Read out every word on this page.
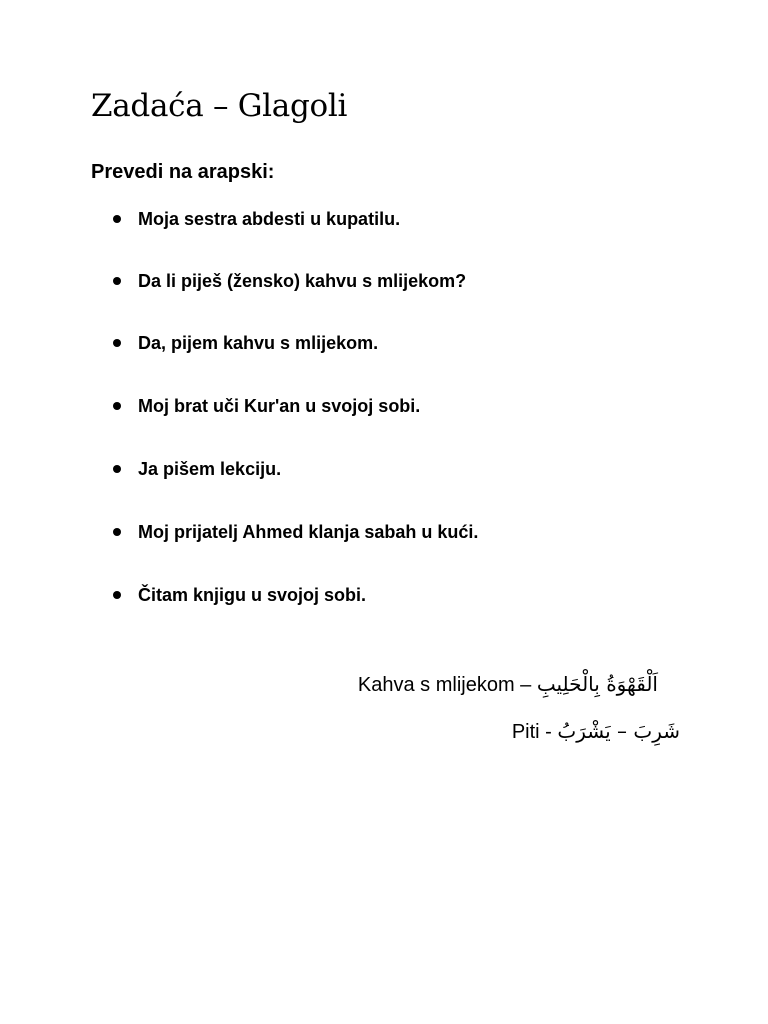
Zadaća – Glagoli
Prevedi na arapski:
Moja sestra abdesti u kupatilu.
Da li piješ (žensko) kahvu s mlijekom?
Da, pijem kahvu s mlijekom.
Moj brat uči Kur'an u svojoj sobi.
Ja pišem lekciju.
Moj prijatelj Ahmed klanja sabah u kući.
Čitam knjigu u svojoj sobi.
Kahva s mlijekom – اَلْقَهْوَةُ بِالْحَلِيبِ
Piti - شَرِبَ – يَشْرَبُ
